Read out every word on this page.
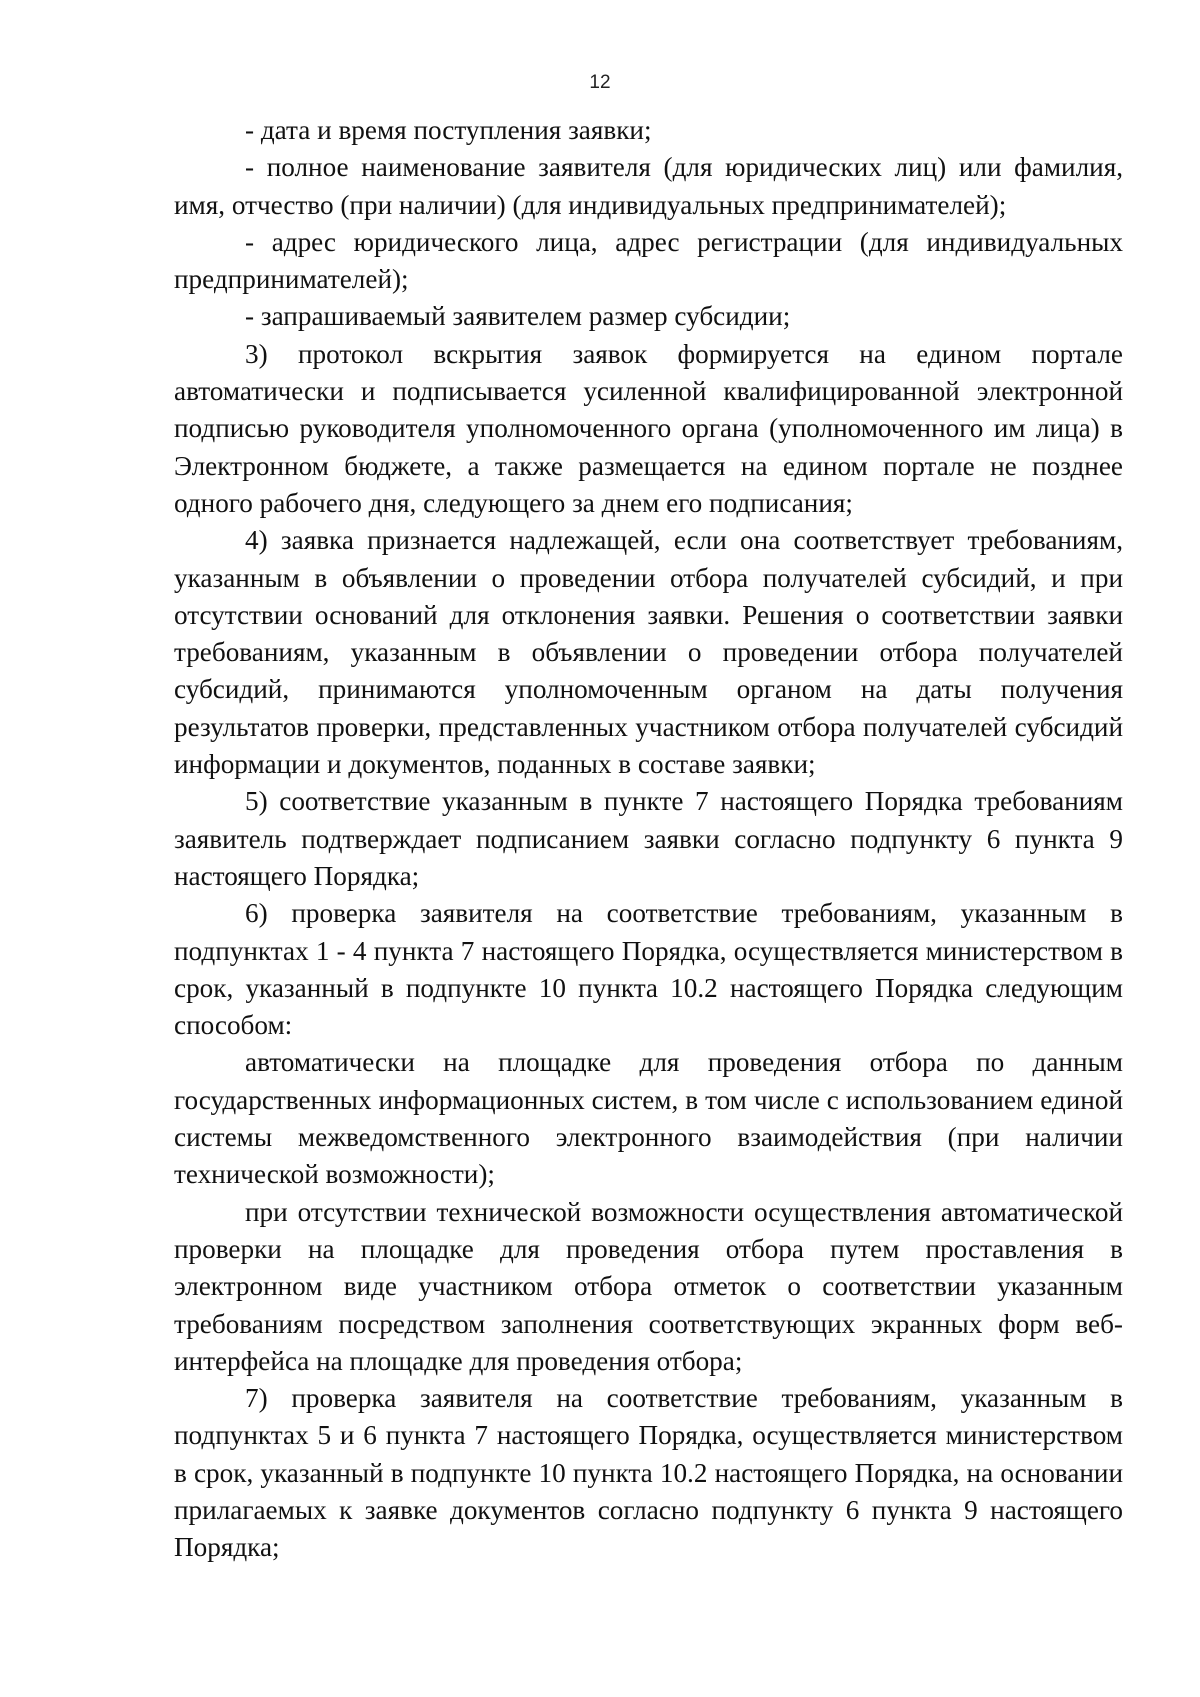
12

- дата и время поступления заявки;

- полное наименование заявителя (для юридических лиц) или фамилия, имя, отчество (при наличии) (для индивидуальных предпринимателей);

- адрес юридического лица, адрес регистрации (для индивидуальных предпринимателей);

- запрашиваемый заявителем размер субсидии;

3) протокол вскрытия заявок формируется на едином портале автоматически и подписывается усиленной квалифицированной электронной подписью руководителя уполномоченного органа (уполномоченного им лица) в Электронном бюджете, а также размещается на едином портале не позднее одного рабочего дня, следующего за днем его подписания;

4) заявка признается надлежащей, если она соответствует требованиям, указанным в объявлении о проведении отбора получателей субсидий, и при отсутствии оснований для отклонения заявки. Решения о соответствии заявки требованиям, указанным в объявлении о проведении отбора получателей субсидий, принимаются уполномоченным органом на даты получения результатов проверки, представленных участником отбора получателей субсидий информации и документов, поданных в составе заявки;

5) соответствие указанным в пункте 7 настоящего Порядка требованиям заявитель подтверждает подписанием заявки согласно подпункту 6 пункта 9 настоящего Порядка;

6) проверка заявителя на соответствие требованиям, указанным в подпунктах 1 - 4 пункта 7 настоящего Порядка, осуществляется министерством в срок, указанный в подпункте 10 пункта 10.2 настоящего Порядка следующим способом:

автоматически на площадке для проведения отбора по данным государственных информационных систем, в том числе с использованием единой системы межведомственного электронного взаимодействия (при наличии технической возможности);

при отсутствии технической возможности осуществления автоматической проверки на площадке для проведения отбора путем проставления в электронном виде участником отбора отметок о соответствии указанным требованиям посредством заполнения соответствующих экранных форм веб-интерфейса на площадке для проведения отбора;

7) проверка заявителя на соответствие требованиям, указанным в подпунктах 5 и 6 пункта 7 настоящего Порядка, осуществляется министерством в срок, указанный в подпункте 10 пункта 10.2 настоящего Порядка, на основании прилагаемых к заявке документов согласно подпункту 6 пункта 9 настоящего Порядка;
